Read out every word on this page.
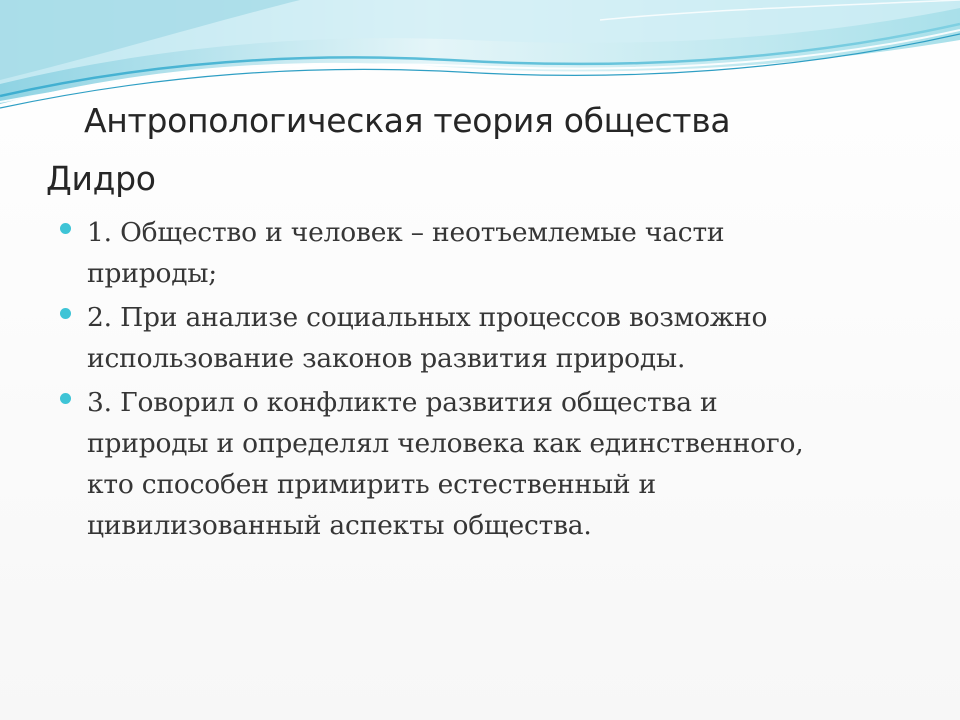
Антропологическая теория общества
Дидро
1. Общество и человек – неотъемлемые части
природы;
2. При анализе социальных процессов возможно
использование законов развития природы.
3. Говорил о конфликте развития общества и
природы и определял человека как единственного,
кто способен примирить естественный и
цивилизованный аспекты общества.
